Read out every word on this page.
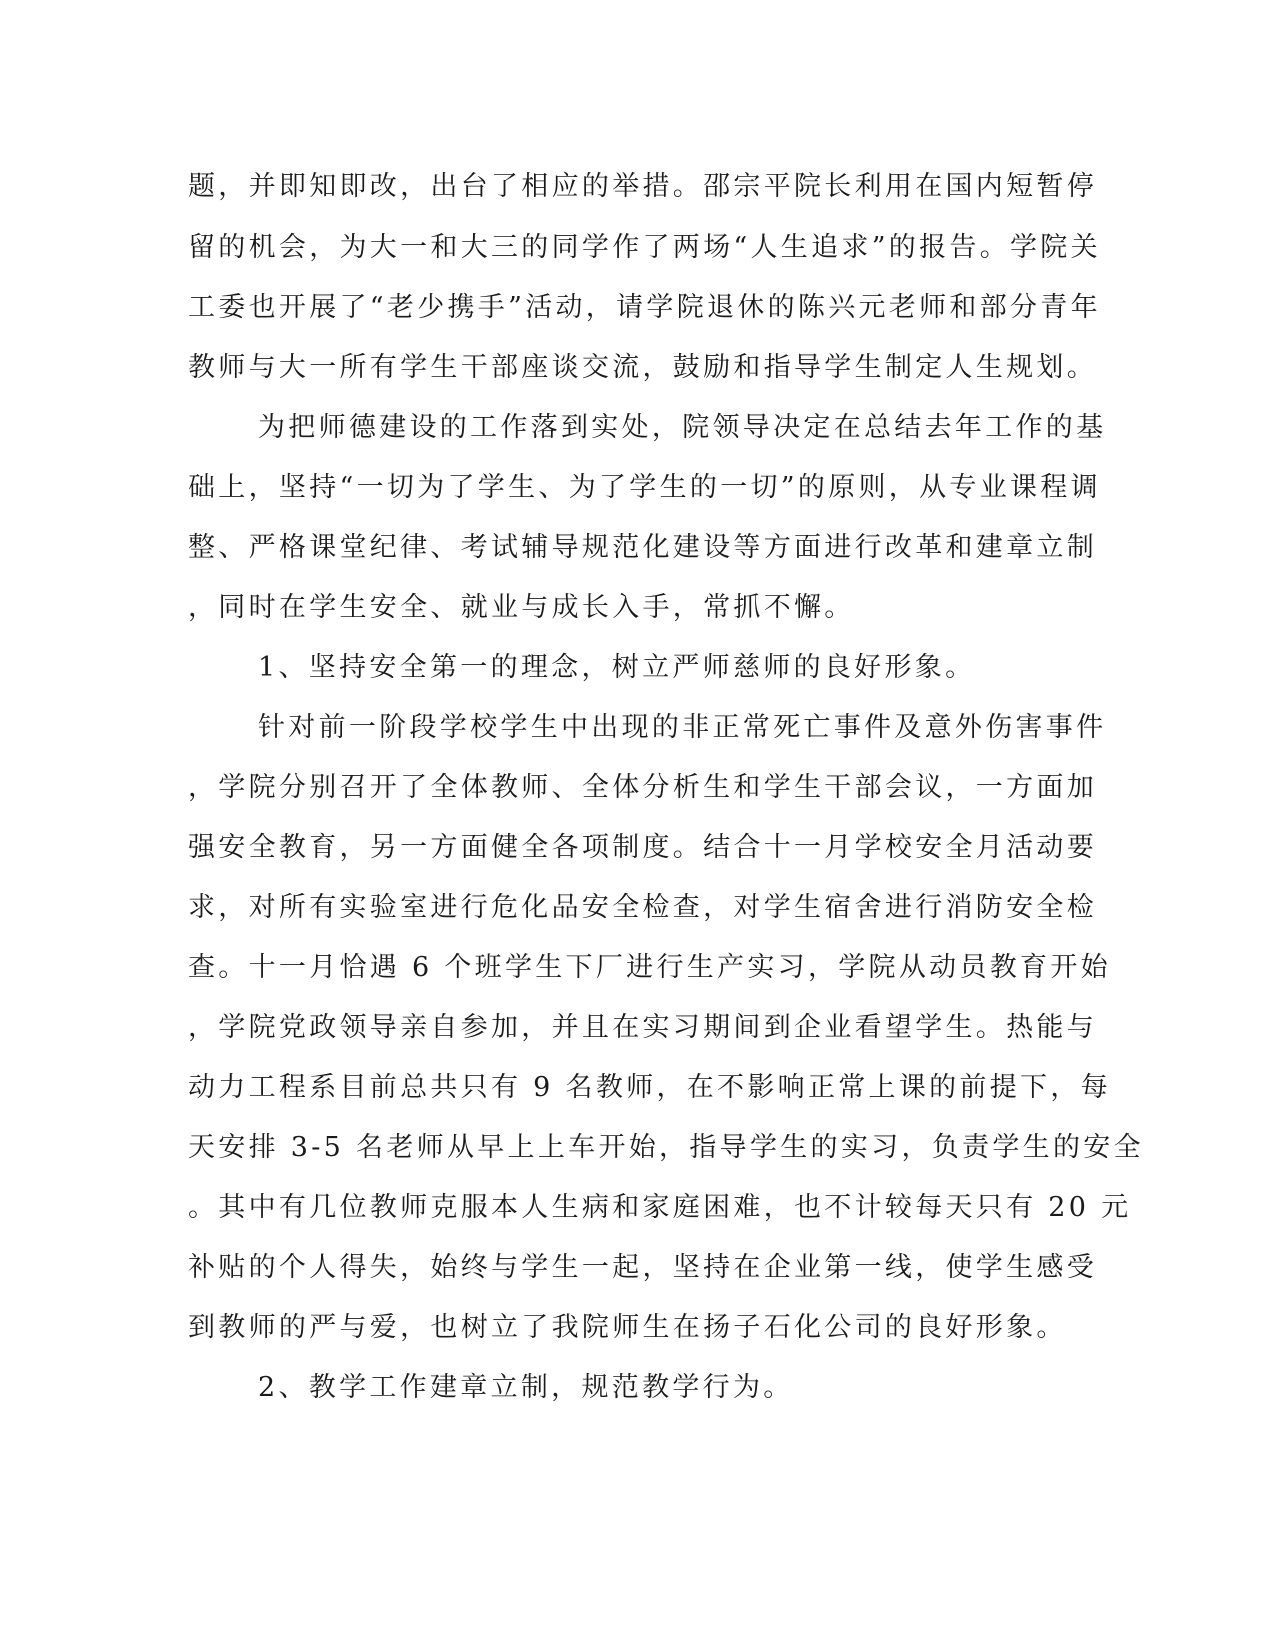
题，并即知即改，出台了相应的举措。邵宗平院长利用在国内短暂停
留的机会，为大一和大三的同学作了两场“人生追求”的报告。学院关
工委也开展了“老少携手”活动，请学院退休的陈兴元老师和部分青年
教师与大一所有学生干部座谈交流，鼓励和指导学生制定人生规划。
为把师德建设的工作落到实处，院领导决定在总结去年工作的基
础上，坚持“一切为了学生、为了学生的一切”的原则，从专业课程调
整、严格课堂纪律、考试辅导规范化建设等方面进行改革和建章立制
，同时在学生安全、就业与成长入手，常抓不懈。
1、坚持安全第一的理念，树立严师慈师的良好形象。
针对前一阶段学校学生中出现的非正常死亡事件及意外伤害事件
，学院分别召开了全体教师、全体分析生和学生干部会议，一方面加
强安全教育，另一方面健全各项制度。结合十一月学校安全月活动要
求，对所有实验室进行危化品安全检查，对学生宿舍进行消防安全检
查。十一月恰遇 6 个班学生下厂进行生产实习，学院从动员教育开始
，学院党政领导亲自参加，并且在实习期间到企业看望学生。热能与
动力工程系目前总共只有 9 名教师，在不影响正常上课的前提下，每
天安排 3-5 名老师从早上上车开始，指导学生的实习，负责学生的安全
。其中有几位教师克服本人生病和家庭困难，也不计较每天只有 20 元
补贴的个人得失，始终与学生一起，坚持在企业第一线，使学生感受
到教师的严与爱，也树立了我院师生在扬子石化公司的良好形象。
2、教学工作建章立制，规范教学行为。
